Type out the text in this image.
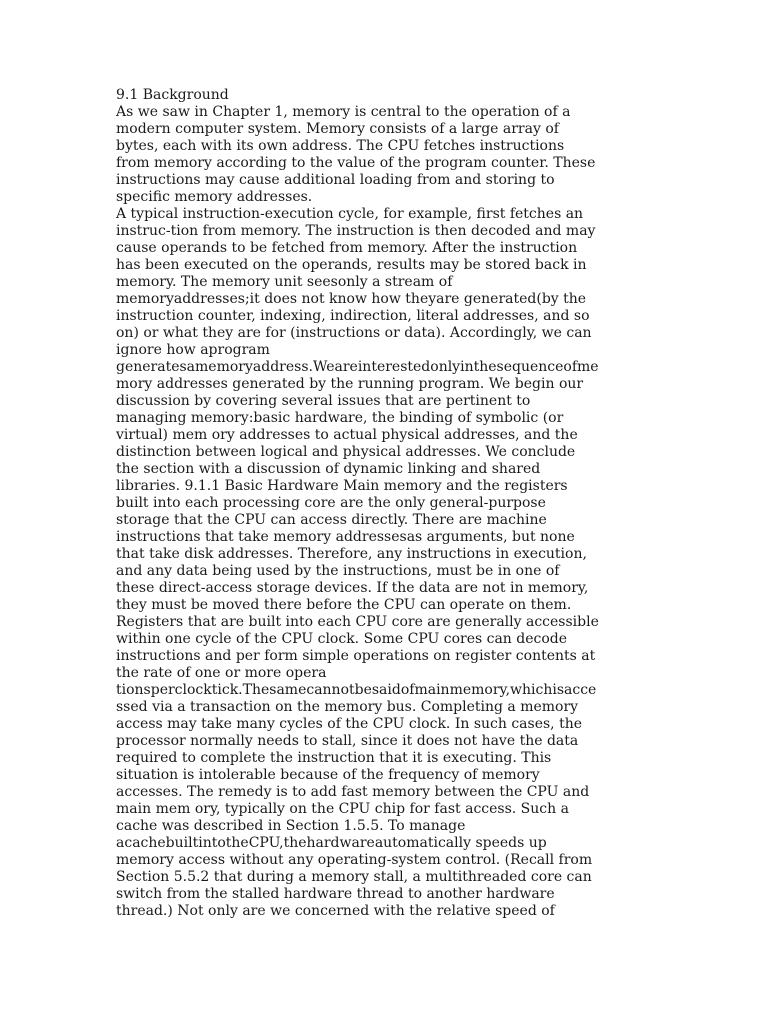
9.1 Background
As we saw in Chapter 1, memory is central to the operation of a
modern computer system. Memory consists of a large array of
bytes, each with its own address. The CPU fetches instructions
from memory according to the value of the program counter. These
instructions may cause additional loading from and storing to
specific memory addresses.
A typical instruction-execution cycle, for example, first fetches an
instruc-tion from memory. The instruction is then decoded and may
cause operands to be fetched from memory. After the instruction
has been executed on the operands, results may be stored back in
memory. The memory unit seesonly a stream of
memoryaddresses;it does not know how theyare generated(by the
instruction counter, indexing, indirection, literal addresses, and so
on) or what they are for (instructions or data). Accordingly, we can
ignore how aprogram
generatesamemoryaddress.Weareinterestedonlyinthesequenceofme
mory addresses generated by the running program. We begin our
discussion by covering several issues that are pertinent to
managing memory:basic hardware, the binding of symbolic (or
virtual) mem ory addresses to actual physical addresses, and the
distinction between logical and physical addresses. We conclude
the section with a discussion of dynamic linking and shared
libraries. 9.1.1 Basic Hardware Main memory and the registers
built into each processing core are the only general-purpose
storage that the CPU can access directly. There are machine
instructions that take memory addressesas arguments, but none
that take disk addresses. Therefore, any instructions in execution,
and any data being used by the instructions, must be in one of
these direct-access storage devices. If the data are not in memory,
they must be moved there before the CPU can operate on them.
Registers that are built into each CPU core are generally accessible
within one cycle of the CPU clock. Some CPU cores can decode
instructions and per form simple operations on register contents at
the rate of one or more opera
tionsperclocktick.Thesamecannotbesaidofmainmemory,whichisacce
ssed via a transaction on the memory bus. Completing a memory
access may take many cycles of the CPU clock. In such cases, the
processor normally needs to stall, since it does not have the data
required to complete the instruction that it is executing. This
situation is intolerable because of the frequency of memory
accesses. The remedy is to add fast memory between the CPU and
main mem ory, typically on the CPU chip for fast access. Such a
cache was described in Section 1.5.5. To manage
acachebuiltintotheCPU,thehardwareautomatically speeds up
memory access without any operating-system control. (Recall from
Section 5.5.2 that during a memory stall, a multithreaded core can
switch from the stalled hardware thread to another hardware
thread.) Not only are we concerned with the relative speed of
